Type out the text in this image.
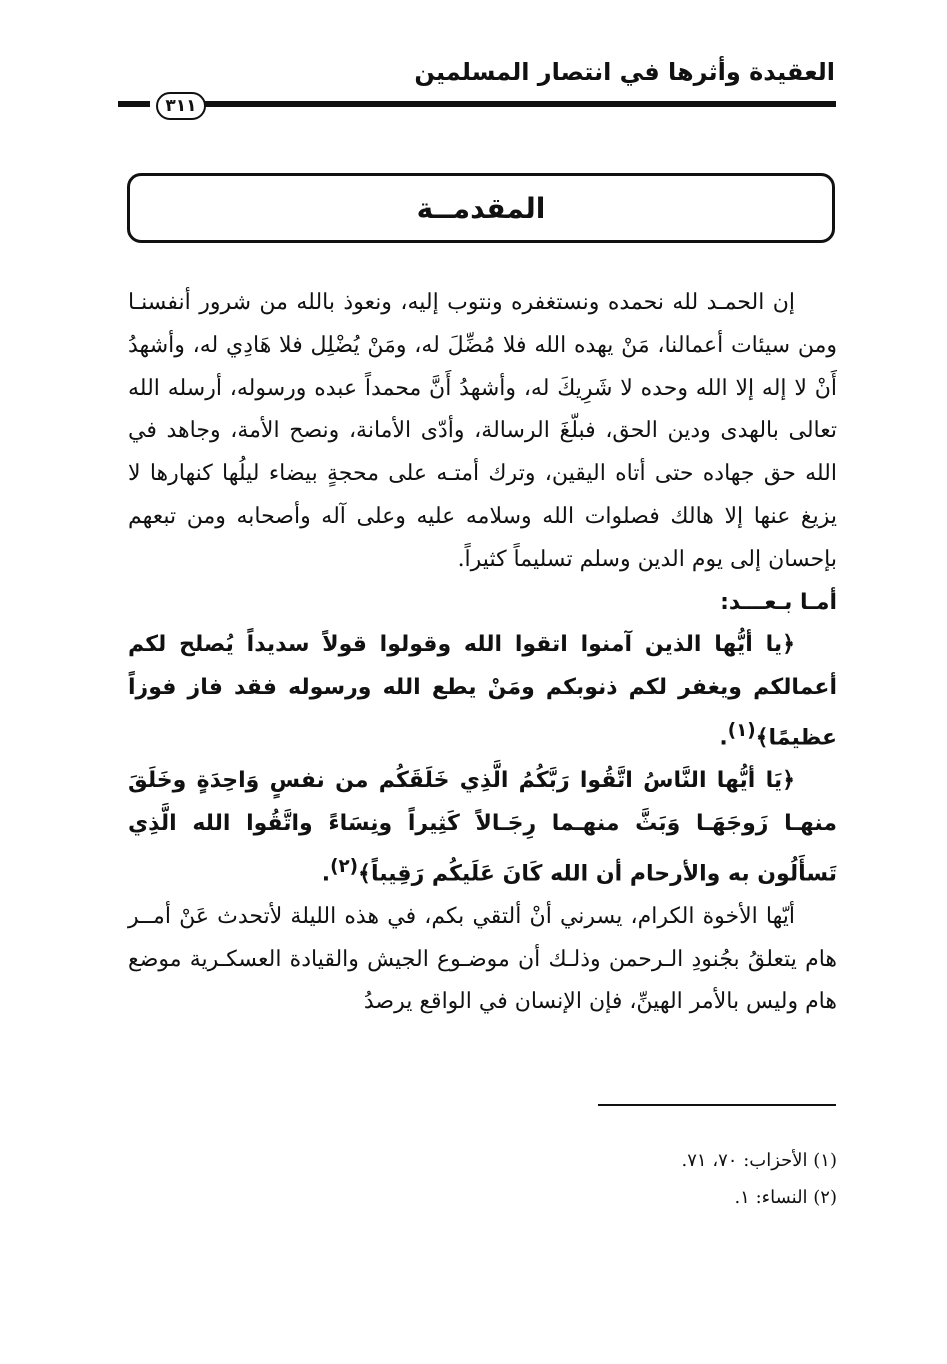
العقيدة وأثرها في انتصار المسلمين
٣١١
المقدمــة

إن الحمـد لله نحمده ونستغفره ونتوب إليه، ونعوذ بالله من شرور أنفسنـا ومن سيئات أعمالنا، مَنْ يهده الله فلا مُضِّلَ له، ومَنْ يُضْلِل فلا هَادِي له، وأشهدُ أَنْ لا إله إلا الله وحده لا شَرِيكَ له، وأشهدُ أَنَّ محمداً عبده ورسوله، أرسله الله تعالى بالهدى ودين الحق، فبلّغَ الرسالة، وأدّى الأمانة، ونصح الأمة، وجاهد في الله حق جهاده حتى أتاه اليقين، وترك أمتـه على محجةٍ بيضاء ليلُها كنهارها لا يزيغ عنها إلا هالك فصلوات الله وسلامه عليه وعلى آله وأصحابه ومن تبعهم بإحسان إلى يوم الدين وسلم تسليماً كثيراً.

أمـا بـعـــد:

﴿يا أيُّها الذين آمنوا اتقوا الله وقولوا قولاً سديداً يُصلح لكم أعمالكم ويغفر لكم ذنوبكم ومَنْ يطع الله ورسوله فقد فاز فوزاً عظيمًا﴾$^{(١)}$.

﴿يَا أيُّها النَّاسُ اتَّقُوا رَبَّكُمُ الَّذِي خَلَقَكُم من نفسٍ وَاحِدَةٍ وخَلَقَ منهـا زَوجَهَـا وَبَثَّ منهـما رِجَـالاً كَثِيراً ونِسَاءً واتَّقُوا الله الَّذِي تَسأَلُون به والأرحام أن الله كَانَ عَلَيكُم رَقِيباً﴾$^{(٢)}$.

أيّها الأخوة الكرام، يسرني أنْ ألتقي بكم، في هذه الليلة لأتحدث عَنْ أمــر هام يتعلقُ بجُنودِ الـرحمن وذلـك أن موضـوع الجيش والقيادة العسكـرية موضع هام وليس بالأمر الهينِّ، فإن الإنسان في الواقع يرصدُ

(١) الأحزاب: ٧٠، ٧١.

(٢) النساء: ١.
